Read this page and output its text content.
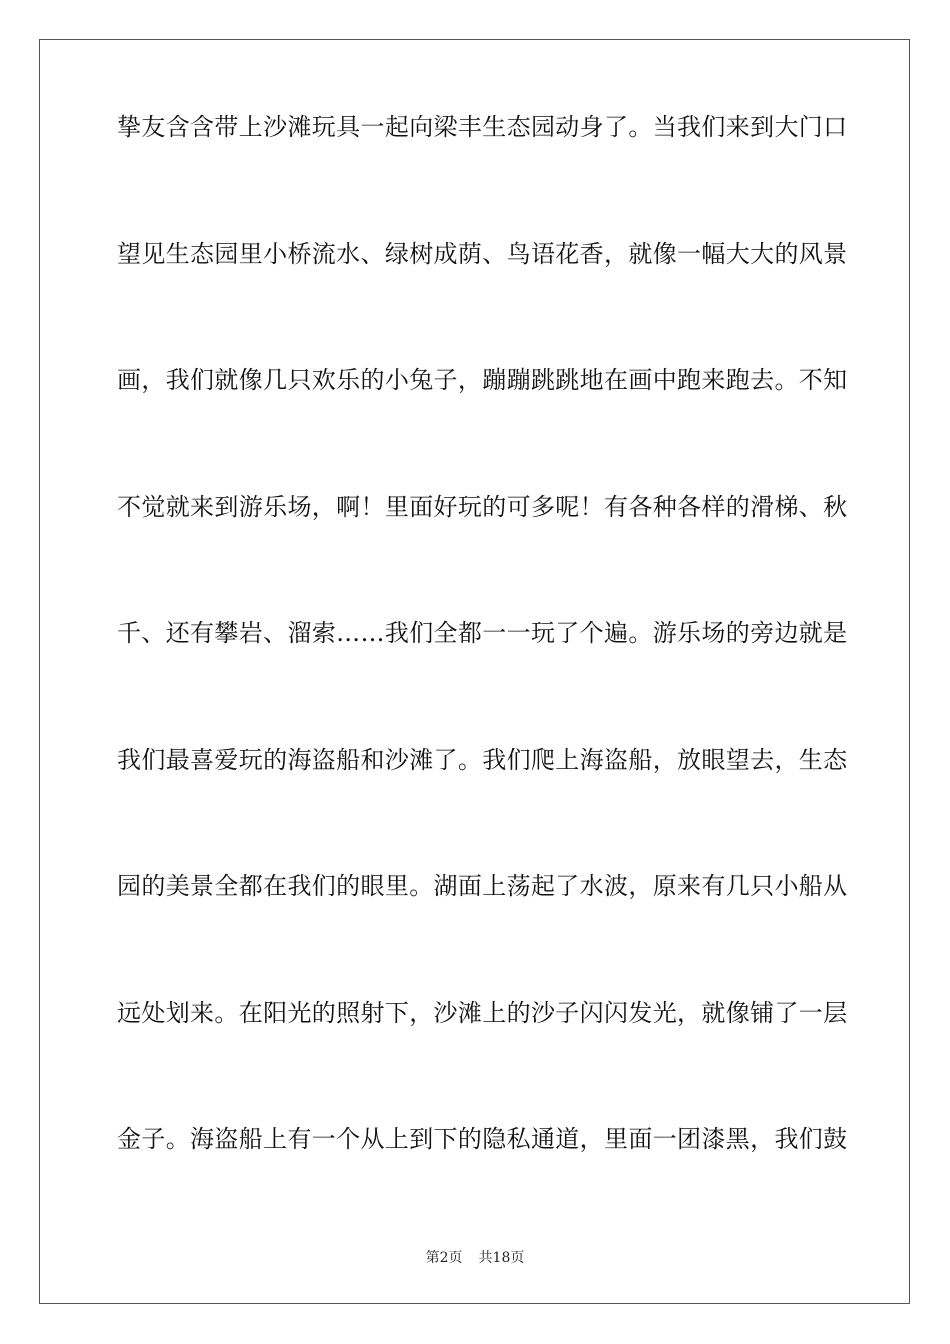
挚友含含带上沙滩玩具一起向梁丰生态园动身了。当我们来到大门口
望见生态园里小桥流水、绿树成荫、鸟语花香，就像一幅大大的风景
画，我们就像几只欢乐的小兔子，蹦蹦跳跳地在画中跑来跑去。不知
不觉就来到游乐场，啊！里面好玩的可多呢！有各种各样的滑梯、秋
千、还有攀岩、溜索……我们全都一一玩了个遍。游乐场的旁边就是
我们最喜爱玩的海盗船和沙滩了。我们爬上海盗船，放眼望去，生态
园的美景全都在我们的眼里。湖面上荡起了水波，原来有几只小船从
远处划来。在阳光的照射下，沙滩上的沙子闪闪发光，就像铺了一层
金子。海盗船上有一个从上到下的隐私通道，里面一团漆黑，我们鼓
第2页 共18页
